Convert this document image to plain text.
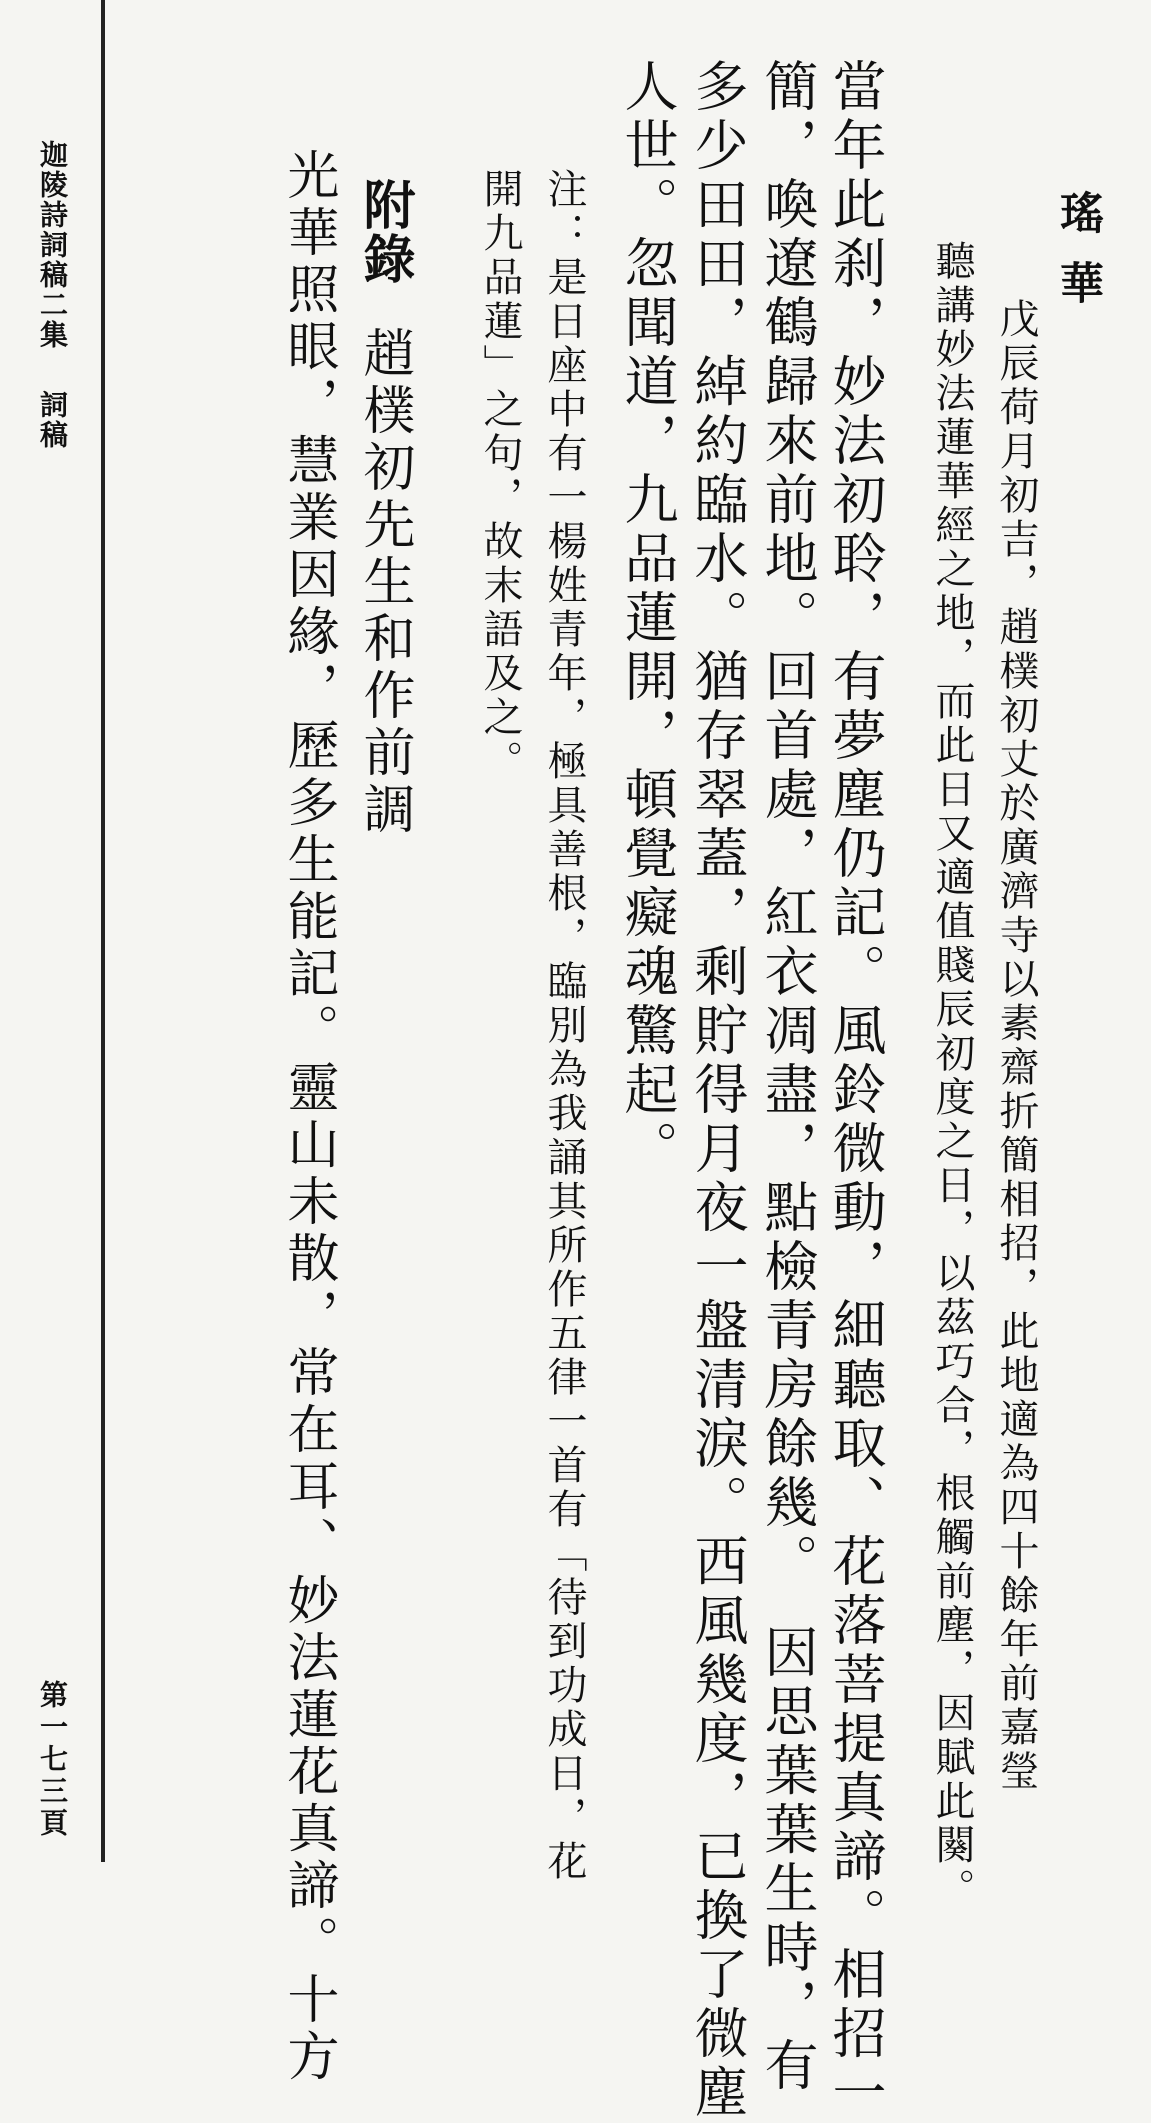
迦陵詩詞稿二集詞稿
第一七三頁
瑤華
戊辰荷月初吉，趙樸初丈於廣濟寺以素齋折簡相招，此地適為四十餘年前嘉瑩
聽講妙法蓮華經之地，而此日又適值賤辰初度之日，以茲巧合，根觸前塵，因賦此闋。
當年此刹，妙法初聆，有夢塵仍記。風鈴微動，細聽取、花落菩提真諦。相招一
簡，喚遼鶴歸來前地。回首處，紅衣凋盡，點檢青房餘幾。　因思葉葉生時，有
多少田田，綽約臨水。猶存翠蓋，剩貯得月夜一盤清淚。西風幾度，已換了微塵
人世。忽聞道，九品蓮開，頓覺癡魂驚起。
注：是日座中有一楊姓青年，極具善根，臨別為我誦其所作五律一首有「待到功成日，花
開九品蓮」之句，故末語及之。
附錄趙樸初先生和作前調
光華照眼，慧業因緣，歷多生能記。靈山未散，常在耳、妙法蓮花真諦。十方
